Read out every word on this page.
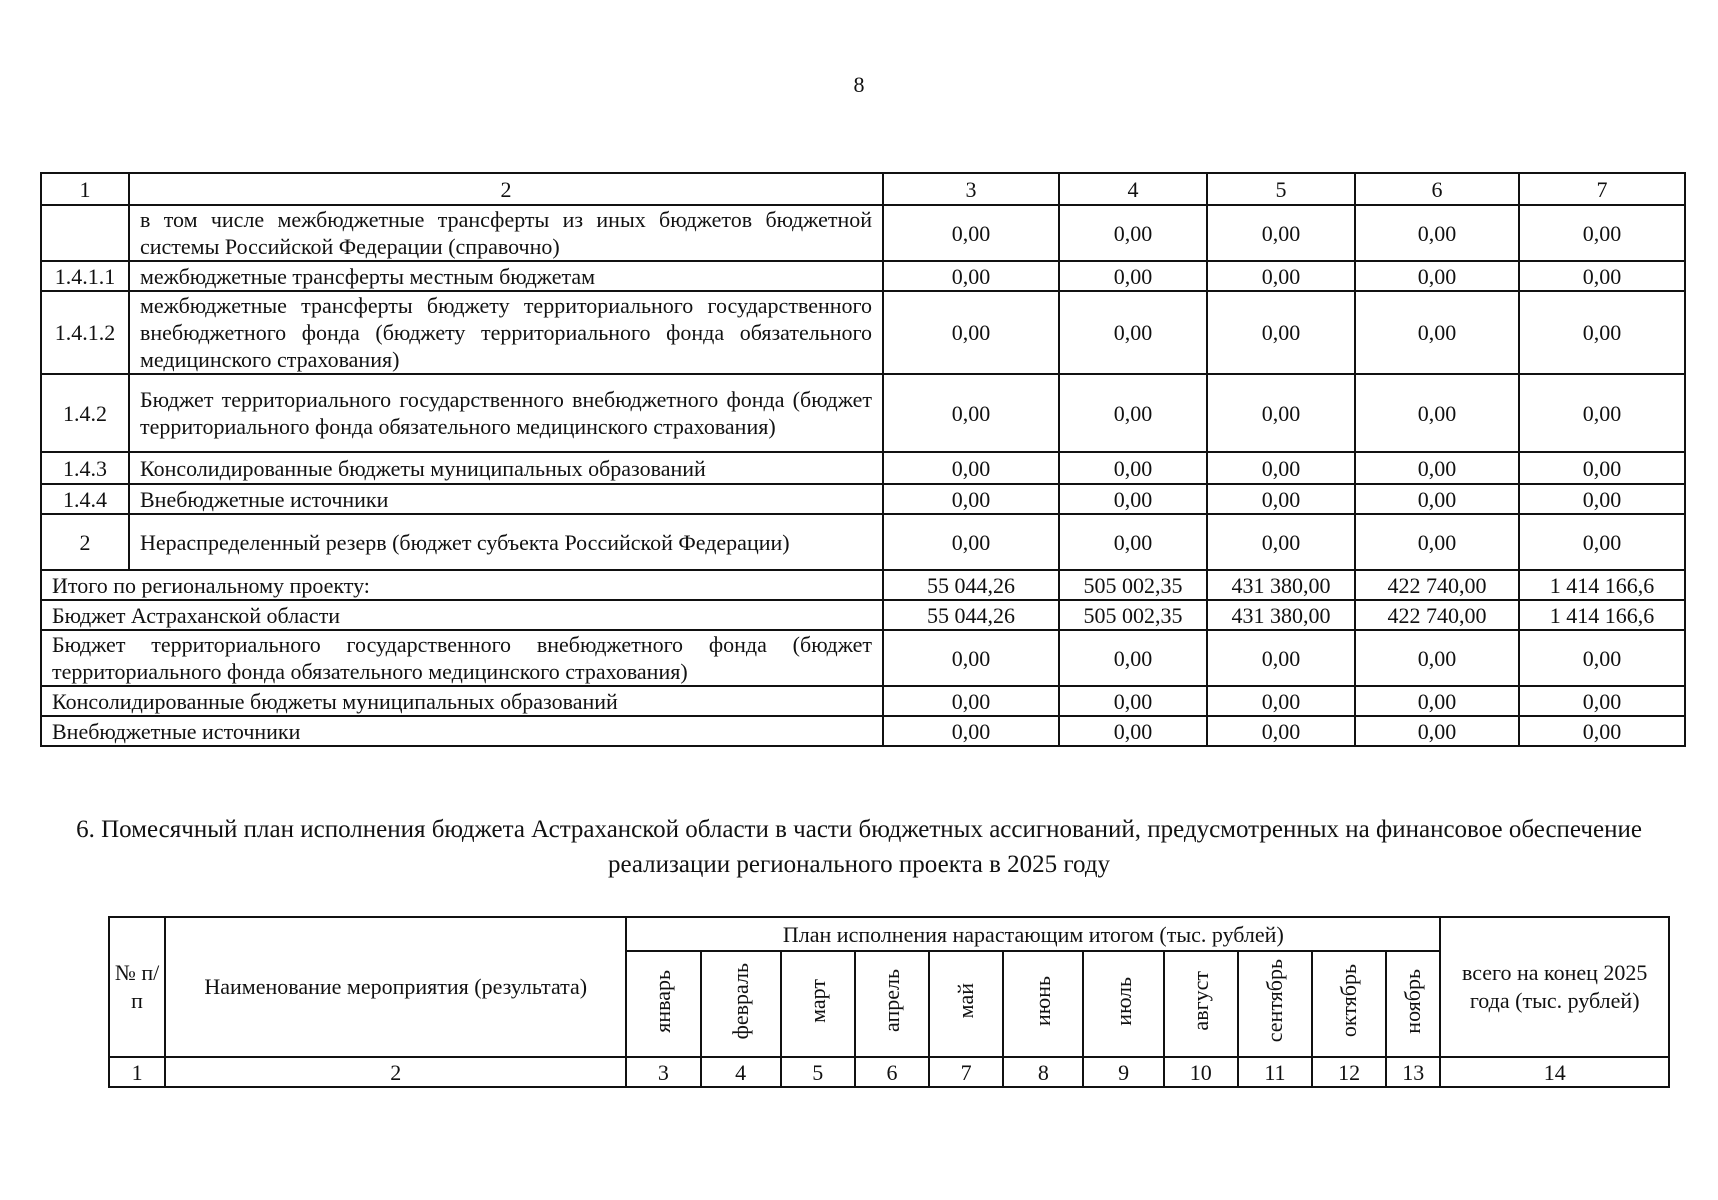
8
1	2	3	4	5	6	7
	в том числе межбюджетные трансферты из иных бюджетов бюджетной системы Российской Федерации (справочно)	0,00	0,00	0,00	0,00	0,00
1.4.1.1	межбюджетные трансферты местным бюджетам	0,00	0,00	0,00	0,00	0,00
1.4.1.2	межбюджетные трансферты бюджету территориального государственного внебюджетного фонда (бюджету территориального фонда обязательного медицинского страхования)	0,00	0,00	0,00	0,00	0,00
1.4.2	Бюджет территориального государственного внебюджетного фонда (бюджет территориального фонда обязательного медицинского страхования)	0,00	0,00	0,00	0,00	0,00
1.4.3	Консолидированные бюджеты муниципальных образований	0,00	0,00	0,00	0,00	0,00
1.4.4	Внебюджетные источники	0,00	0,00	0,00	0,00	0,00
2	Нераспределенный резерв (бюджет субъекта Российской Федерации)	0,00	0,00	0,00	0,00	0,00
Итого по региональному проекту:		55 044,26	505 002,35	431 380,00	422 740,00	1 414 166,6
Бюджет Астраханской области		55 044,26	505 002,35	431 380,00	422 740,00	1 414 166,6
Бюджет территориального государственного внебюджетного фонда (бюджет территориального фонда обязательного медицинского страхования)		0,00	0,00	0,00	0,00	0,00
Консолидированные бюджеты муниципальных образований		0,00	0,00	0,00	0,00	0,00
Внебюджетные источники		0,00	0,00	0,00	0,00	0,00
6. Помесячный план исполнения бюджета Астраханской области в части бюджетных ассигнований, предусмотренных на финансовое обеспечение реализации регионального проекта в 2025 году
№ п/п	Наименование мероприятия (результата)	План исполнения нарастающим итогом (тыс. рублей)											всего на конец 2025 года (тыс. рублей)
		январь	февраль	март	апрель	май	июнь	июль	август	сентябрь	октябрь	ноябрь	
1	2	3	4	5	6	7	8	9	10	11	12	13	14
